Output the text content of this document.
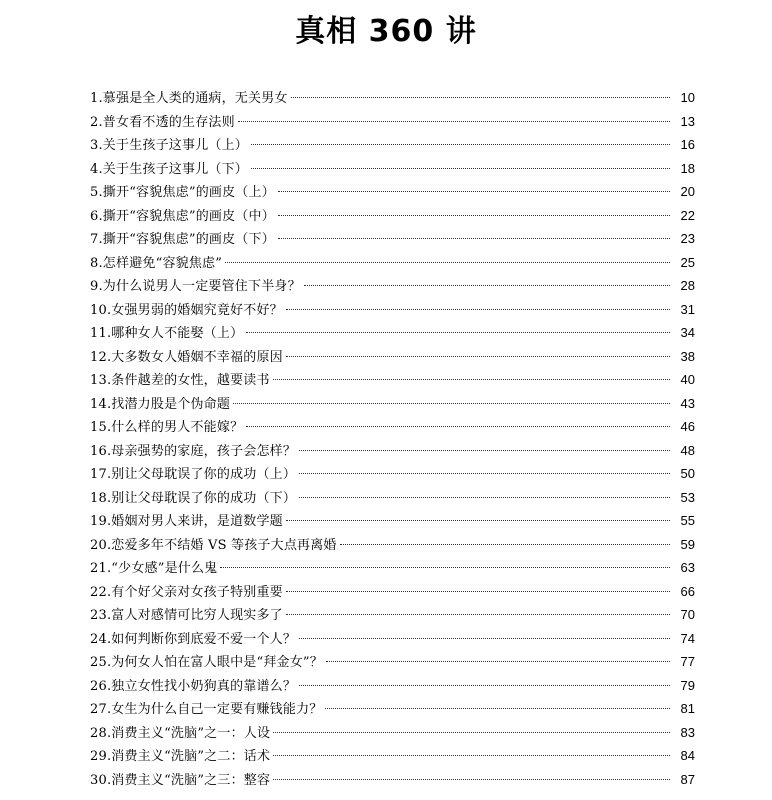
真相 360 讲
1.慕强是全人类的通病，无关男女	10
2.普女看不透的生存法则	13
3.关于生孩子这事儿（上）	16
4.关于生孩子这事儿（下）	18
5.撕开“容貌焦虑”的画皮（上）	20
6.撕开“容貌焦虑”的画皮（中）	22
7.撕开“容貌焦虑”的画皮（下）	23
8.怎样避免“容貌焦虑”	25
9.为什么说男人一定要管住下半身？	28
10.女强男弱的婚姻究竟好不好？	31
11.哪种女人不能娶（上）	34
12.大多数女人婚姻不幸福的原因	38
13.条件越差的女性，越要读书	40
14.找潜力股是个伪命题	43
15.什么样的男人不能嫁？	46
16.母亲强势的家庭，孩子会怎样？	48
17.别让父母耽误了你的成功（上）	50
18.别让父母耽误了你的成功（下）	53
19.婚姻对男人来讲，是道数学题	55
20.恋爱多年不结婚 VS 等孩子大点再离婚	59
21.“少女感”是什么鬼	63
22.有个好父亲对女孩子特别重要	66
23.富人对感情可比穷人现实多了	70
24.如何判断你到底爱不爱一个人？	74
25.为何女人怕在富人眼中是“拜金女”？	77
26.独立女性找小奶狗真的靠谱么？	79
27.女生为什么自己一定要有赚钱能力？	81
28.消费主义“洗脑”之一：人设	83
29.消费主义“洗脑”之二：话术	84
30.消费主义“洗脑”之三：整容	87
